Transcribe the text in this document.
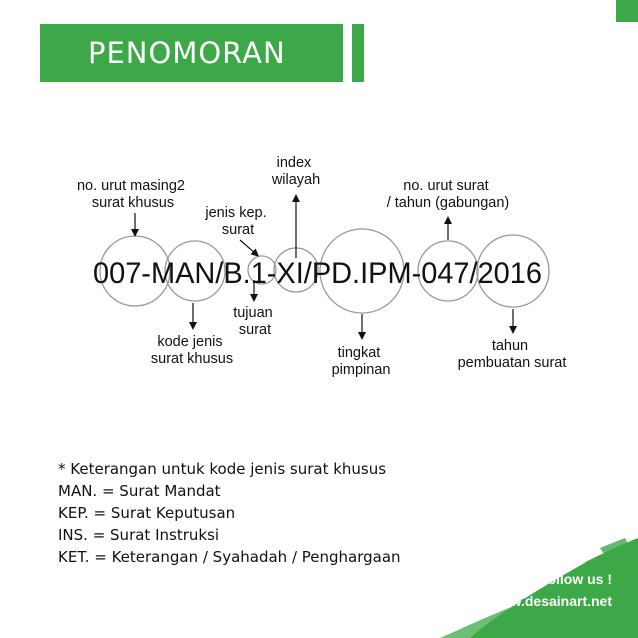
PENOMORAN
007-MAN/B.1-XI/PD.IPM-047/2016
no. urut masing2 surat khusus
jenis kep. surat
index wilayah	no. urut surat / tahun (gabungan)
kode jenis surat khusus
tujuan surat
tingkat pimpinan
tahun pembuatan surat
* Keterangan untuk kode jenis surat khusus
MAN. = Surat Mandat
KEP. = Surat Keputusan
INS. = Surat Instruksi
KET. = Keterangan / Syahadah / Penghargaan
Follow us !
www.desainart.net
